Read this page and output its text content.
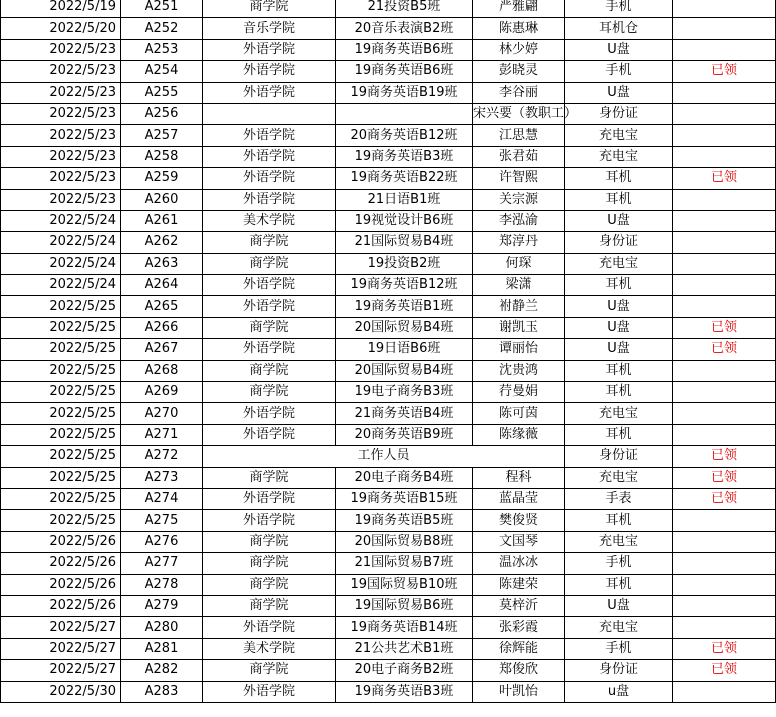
2022/5/19	A251	商学院	21投资B5班	严雅翩	手机	
2022/5/20	A252	音乐学院	20音乐表演B2班	陈惠琳	耳机仓	
2022/5/23	A253	外语学院	19商务英语B6班	林少婷	U盘	
2022/5/23	A254	外语学院	19商务英语B6班	彭晓灵	手机	已领
2022/5/23	A255	外语学院	19商务英语B19班	李谷丽	U盘	
2022/5/23	A256			宋兴要（教职工）	身份证	
2022/5/23	A257	外语学院	20商务英语B12班	江思慧	充电宝	
2022/5/23	A258	外语学院	19商务英语B3班	张君茹	充电宝	
2022/5/23	A259	外语学院	19商务英语B22班	许智熙	耳机	已领
2022/5/23	A260	外语学院	21日语B1班	关宗源	耳机	
2022/5/24	A261	美术学院	19视觉设计B6班	李泓渝	U盘	
2022/5/24	A262	商学院	21国际贸易B4班	郑淳丹	身份证	
2022/5/24	A263	商学院	19投资B2班	何琛	充电宝	
2022/5/24	A264	外语学院	19商务英语B12班	梁潇	耳机	
2022/5/25	A265	外语学院	19商务英语B1班	祔静兰	U盘	
2022/5/25	A266	商学院	20国际贸易B4班	谢凯玉	U盘	已领
2022/5/25	A267	外语学院	19日语B6班	谭丽怡	U盘	已领
2022/5/25	A268	商学院	20国际贸易B4班	沈贵鸿	耳机	
2022/5/25	A269	商学院	19电子商务B3班	荇曼娟	耳机	
2022/5/25	A270	外语学院	21商务英语B4班	陈可茵	充电宝	
2022/5/25	A271	外语学院	20商务英语B9班	陈缘薇	耳机	
2022/5/25	A272	工作人员			身份证	已领
2022/5/25	A273	商学院	20电子商务B4班	程科	充电宝	已领
2022/5/25	A274	外语学院	19商务英语B15班	蓝晶莹	手表	已领
2022/5/25	A275	外语学院	19商务英语B5班	樊俊贤	耳机	
2022/5/26	A276	商学院	20国际贸易B8班	文国琴	充电宝	
2022/5/26	A277	商学院	21国际贸易B7班	温冰冰	手机	
2022/5/26	A278	商学院	19国际贸易B10班	陈建荣	耳机	
2022/5/26	A279	商学院	19国际贸易B6班	莫梓沂	U盘	
2022/5/27	A280	外语学院	19商务英语B14班	张彩霞	充电宝	
2022/5/27	A281	美术学院	21公共艺术B1班	徐辉能	手机	已领
2022/5/27	A282	商学院	20电子商务B2班	郑俊欣	身份证	已领
2022/5/30	A283	外语学院	19商务英语B3班	叶凯怡	u盘	
